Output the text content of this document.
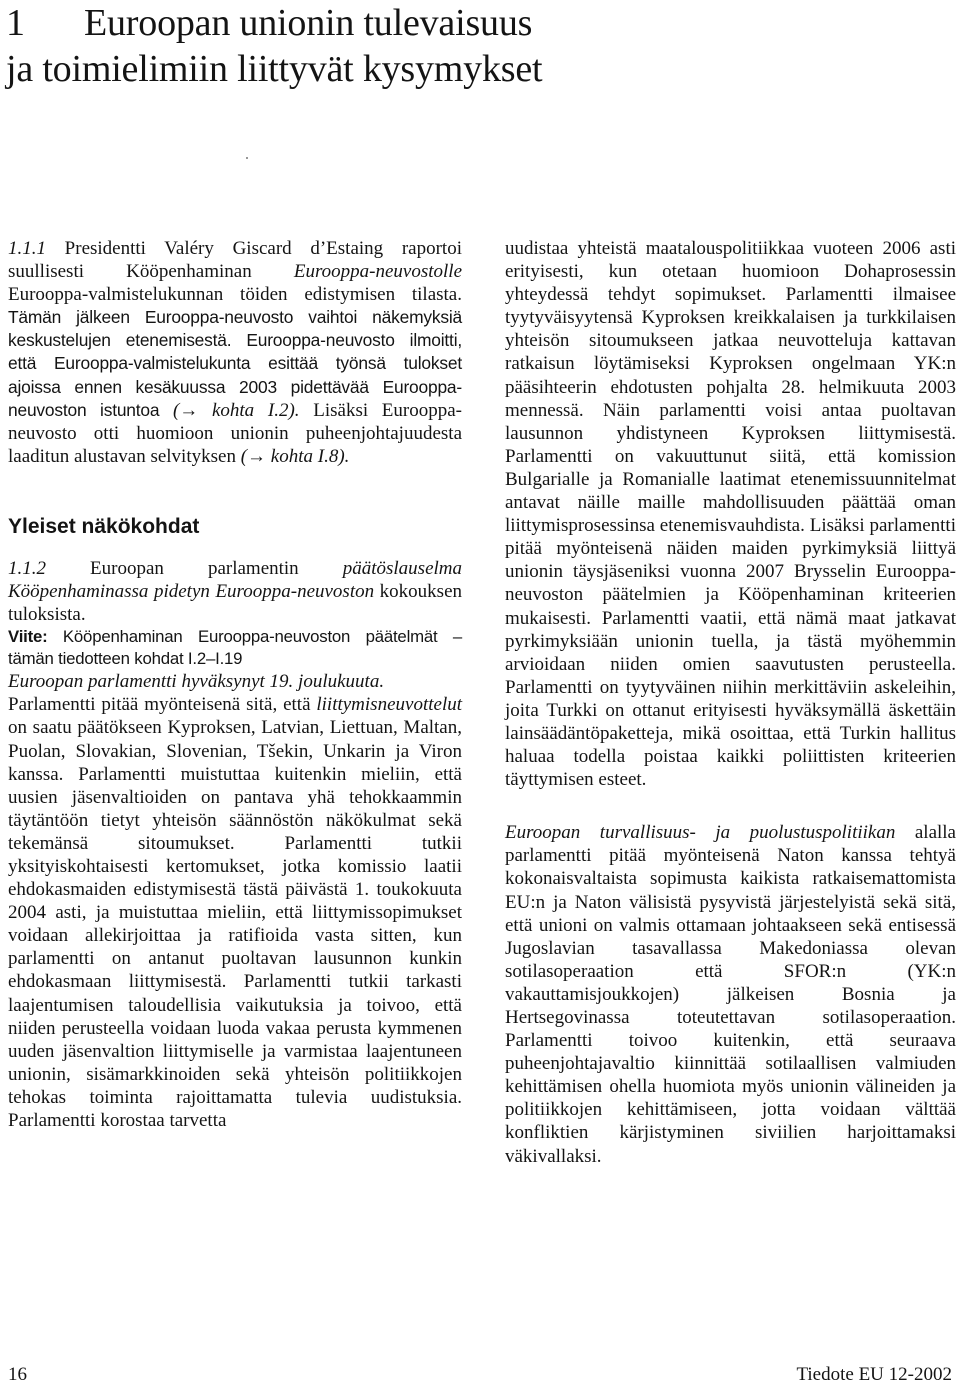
1 Euroopan unionin tulevaisuus
ja toimielimiin liittyvät kysymykset

1.1.1 Presidentti Valéry Giscard d’Estaing raportoi suullisesti Kööpenhaminan Eurooppa-neuvostolle Eurooppa-valmistelukunnan töiden edistymisen tilasta. Tämän jälkeen Eurooppa-neuvosto vaihtoi näkemyksiä keskustelujen etenemisestä. Eurooppa-neuvosto ilmoitti, että Eurooppa-valmistelukunta esittää työnsä tulokset ajoissa ennen kesäkuussa 2003 pidettävää Eurooppa-neuvoston istuntoa (→ kohta I.2). Lisäksi Eurooppa-neuvosto otti huomioon unionin puheenjohtajuudesta laaditun alustavan selvityksen (→ kohta I.8).

Yleiset näkökohdat

1.1.2 Euroopan parlamentin päätöslauselma Kööpenhaminassa pidetyn Eurooppa-neuvoston kokouksen tuloksista.

Viite: Kööpenhaminan Eurooppa-neuvoston päätelmät – tämän tiedotteen kohdat I.2–I.19

Euroopan parlamentti hyväksynyt 19. joulukuuta.

Parlamentti pitää myönteisenä sitä, että liittymisneuvottelut on saatu päätökseen Kyproksen, Latvian, Liettuan, Maltan, Puolan, Slovakian, Slovenian, Tšekin, Unkarin ja Viron kanssa. Parlamentti muistuttaa kuitenkin mieliin, että uusien jäsenvaltioiden on pantava yhä tehokkaammin täytäntöön tietyt yhteisön säännöstön näkökulmat sekä tekemänsä sitoumukset. Parlamentti tutkii yksityiskohtaisesti kertomukset, jotka komissio laatii ehdokasmaiden edistymisestä tästä päivästä 1. toukokuuta 2004 asti, ja muistuttaa mieliin, että liittymissopimukset voidaan allekirjoittaa ja ratifioida vasta sitten, kun parlamentti on antanut puoltavan lausunnon kunkin ehdokasmaan liittymisestä. Parlamentti tutkii tarkasti laajentumisen taloudellisia vaikutuksia ja toivoo, että niiden perusteella voidaan luoda vakaa perusta kymmenen uuden jäsenvaltion liittymiselle ja varmistaa laajentuneen unionin, sisämarkkinoiden sekä yhteisön politiikkojen tehokas toiminta rajoittamatta tulevia uudistuksia. Parlamentti korostaa tarvetta

uudistaa yhteistä maatalouspolitiikkaa vuoteen 2006 asti erityisesti, kun otetaan huomioon Dohaprosessin yhteydessä tehdyt sopimukset. Parlamentti ilmaisee tyytyväisyytensä Kyproksen kreikkalaisen ja turkkilaisen yhteisön sitoumukseen jatkaa neuvotteluja kattavan ratkaisun löytämiseksi Kyproksen ongelmaan YK:n pääsihteerin ehdotusten pohjalta 28. helmikuuta 2003 mennessä. Näin parlamentti voisi antaa puoltavan lausunnon yhdistyneen Kyproksen liittymisestä. Parlamentti on vakuuttunut siitä, että komission Bulgarialle ja Romanialle laatimat etenemissuunnitelmat antavat näille maille mahdollisuuden päättää oman liittymisprosessinsa etenemisvauhdista. Lisäksi parlamentti pitää myönteisenä näiden maiden pyrkimyksiä liittyä unionin täysjäseniksi vuonna 2007 Brysselin Eurooppa-neuvoston päätelmien ja Kööpenhaminan kriteerien mukaisesti. Parlamentti vaatii, että nämä maat jatkavat pyrkimyksiään unionin tuella, ja tästä myöhemmin arvioidaan niiden omien saavutusten perusteella. Parlamentti on tyytyväinen niihin merkittäviin askeleihin, joita Turkki on ottanut erityisesti hyväksymällä äskettäin lainsäädäntöpaketteja, mikä osoittaa, että Turkin hallitus haluaa todella poistaa kaikki poliittisten kriteerien täyttymisen esteet.

Euroopan turvallisuus- ja puolustuspolitiikan alalla parlamentti pitää myönteisenä Naton kanssa tehtyä kokonaisvaltaista sopimusta kaikista ratkaisemattomista EU:n ja Naton välisistä pysyvistä järjestelyistä sekä sitä, että unioni on valmis ottamaan johtaakseen sekä entisessä Jugoslavian tasavallassa Makedoniassa olevan sotilasoperaation että SFOR:n (YK:n vakauttamisjoukkojen) jälkeisen Bosnia ja Hertsegovinassa toteutettavan sotilasoperaation. Parlamentti toivoo kuitenkin, että seuraava puheenjohtajavaltio kiinnittää sotilaallisen valmiuden kehittämisen ohella huomiota myös unionin välineiden ja politiikkojen kehittämiseen, jotta voidaan välttää konfliktien kärjistyminen siviilien harjoittamaksi väkivallaksi.

16	Tiedote EU 12-2002
